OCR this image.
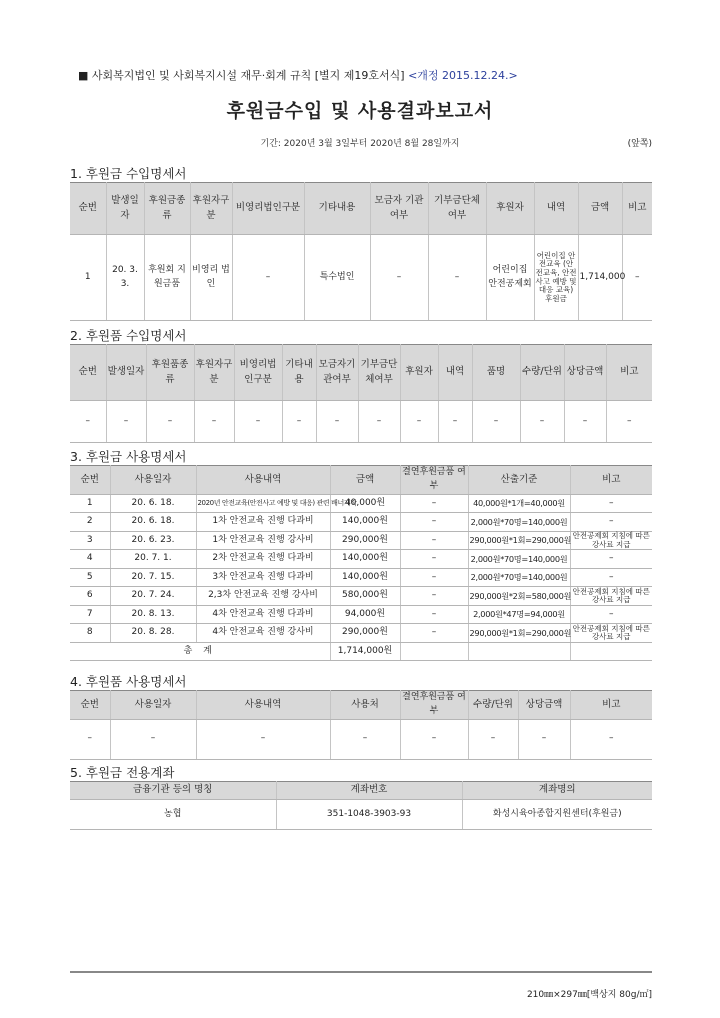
■ 사회복지법인 및 사회복지시설 재무·회계 규칙 [별지 제19호서식] <개정 2015.12.24.>
후원금수입 및 사용결과보고서
기간: 2020년 3월 3일부터 2020년 8월 28일까지	(앞쪽)
1. 후원금 수입명세서
순번	발생일자	후원금종류	후원자구분	비영리법인구분	기타내용	모금자 기관여부	기부금단체여부	후원자	내역	금액	비고
1	20. 3. 3.	후원회 지원금품	비영리 법인	–	특수법인	–	–	어린이집 안전공제회	어린이집 안전교육 (안전교육, 안전사고 예방 및 대응 교육) 후원금	1,714,000	–
2. 후원품 수입명세서
순번	발생일자	후원품종류	후원자구분	비영리법인구분	기타내용	모금자기관여부	기부금단체여부	후원자	내역	품명	수량/단위	상당금액	비고
–	–	–	–	–	–	–	–	–	–	–	–	–	–
3. 후원금 사용명세서
순번	사용일자	사용내역	금액	결연후원금품 여부	산출기준	비고
1	20. 6. 18.	2020년 안전교육(안전사고 예방 및 대응) 관련 배너제작	40,000원	–	40,000원*1개=40,000원	–
2	20. 6. 18.	1차 안전교육 진행 다과비	140,000원	–	2,000원*70명=140,000원	–
3	20. 6. 23.	1차 안전교육 진행 강사비	290,000원	–	290,000원*1회=290,000원	안전공제회 지침에 따른 강사료 지급
4	20. 7. 1.	2차 안전교육 진행 다과비	140,000원	–	2,000원*70명=140,000원	–
5	20. 7. 15.	3차 안전교육 진행 다과비	140,000원	–	2,000원*70명=140,000원	–
6	20. 7. 24.	2,3차 안전교육 진행 강사비	580,000원	–	290,000원*2회=580,000원	안전공제회 지침에 따른 강사료 지급
7	20. 8. 13.	4차 안전교육 진행 다과비	94,000원	–	2,000원*47명=94,000원	–
8	20. 8. 28.	4차 안전교육 진행 강사비	290,000원	–	290,000원*1회=290,000원	안전공제회 지침에 따른 강사료 지급
총 계			1,714,000원			
4. 후원품 사용명세서
순번	사용일자	사용내역	사용처	결연후원금품 여부	수량/단위	상당금액	비고
–	–	–	–	–	–	–	–
5. 후원금 전용계좌
금융기관 등의 명칭	계좌번호	계좌명의
농협	351-1048-3903-93	화성시육아종합지원센터(후원금)
210㎜×297㎜[백상지 80g/㎡]
